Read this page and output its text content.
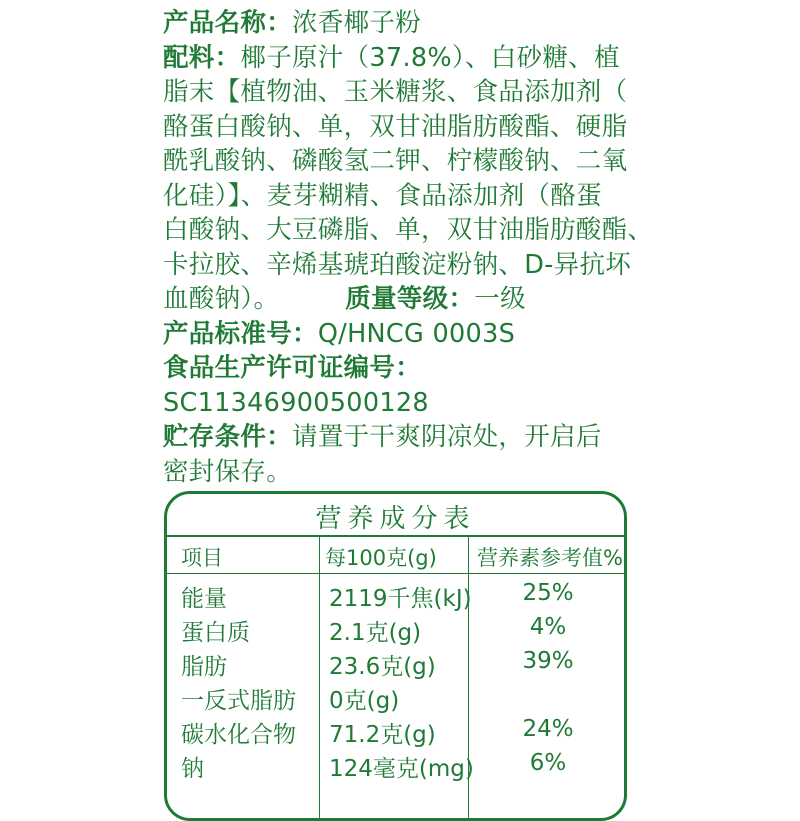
产品名称：浓香椰子粉
配料：椰子原汁（37.8%）、白砂糖、植
脂末【植物油、玉米糖浆、食品添加剂（
酪蛋白酸钠、单，双甘油脂肪酸酯、硬脂
酰乳酸钠、磷酸氢二钾、柠檬酸钠、二氧
化硅）】、麦芽糊精、食品添加剂（酪蛋
白酸钠、大豆磷脂、单，双甘油脂肪酸酯、
卡拉胶、辛烯基琥珀酸淀粉钠、D-异抗坏
血酸钠）。	质量等级：一级
产品标准号：Q/HNCG 0003S
食品生产许可证编号：
SC11346900500128
贮存条件：请置于干爽阴凉处，开启后
密封保存。
营养成分表
项目	每100克(g) 营养素参考值%
能量	2119千焦(kJ)	25%
蛋白质	2.1克(g)	4%
脂肪	23.6克(g)	39%
一反式脂肪 0克(g)
碳水化合物 71.2克(g)	24%
钠	124毫克(mg)	6%
